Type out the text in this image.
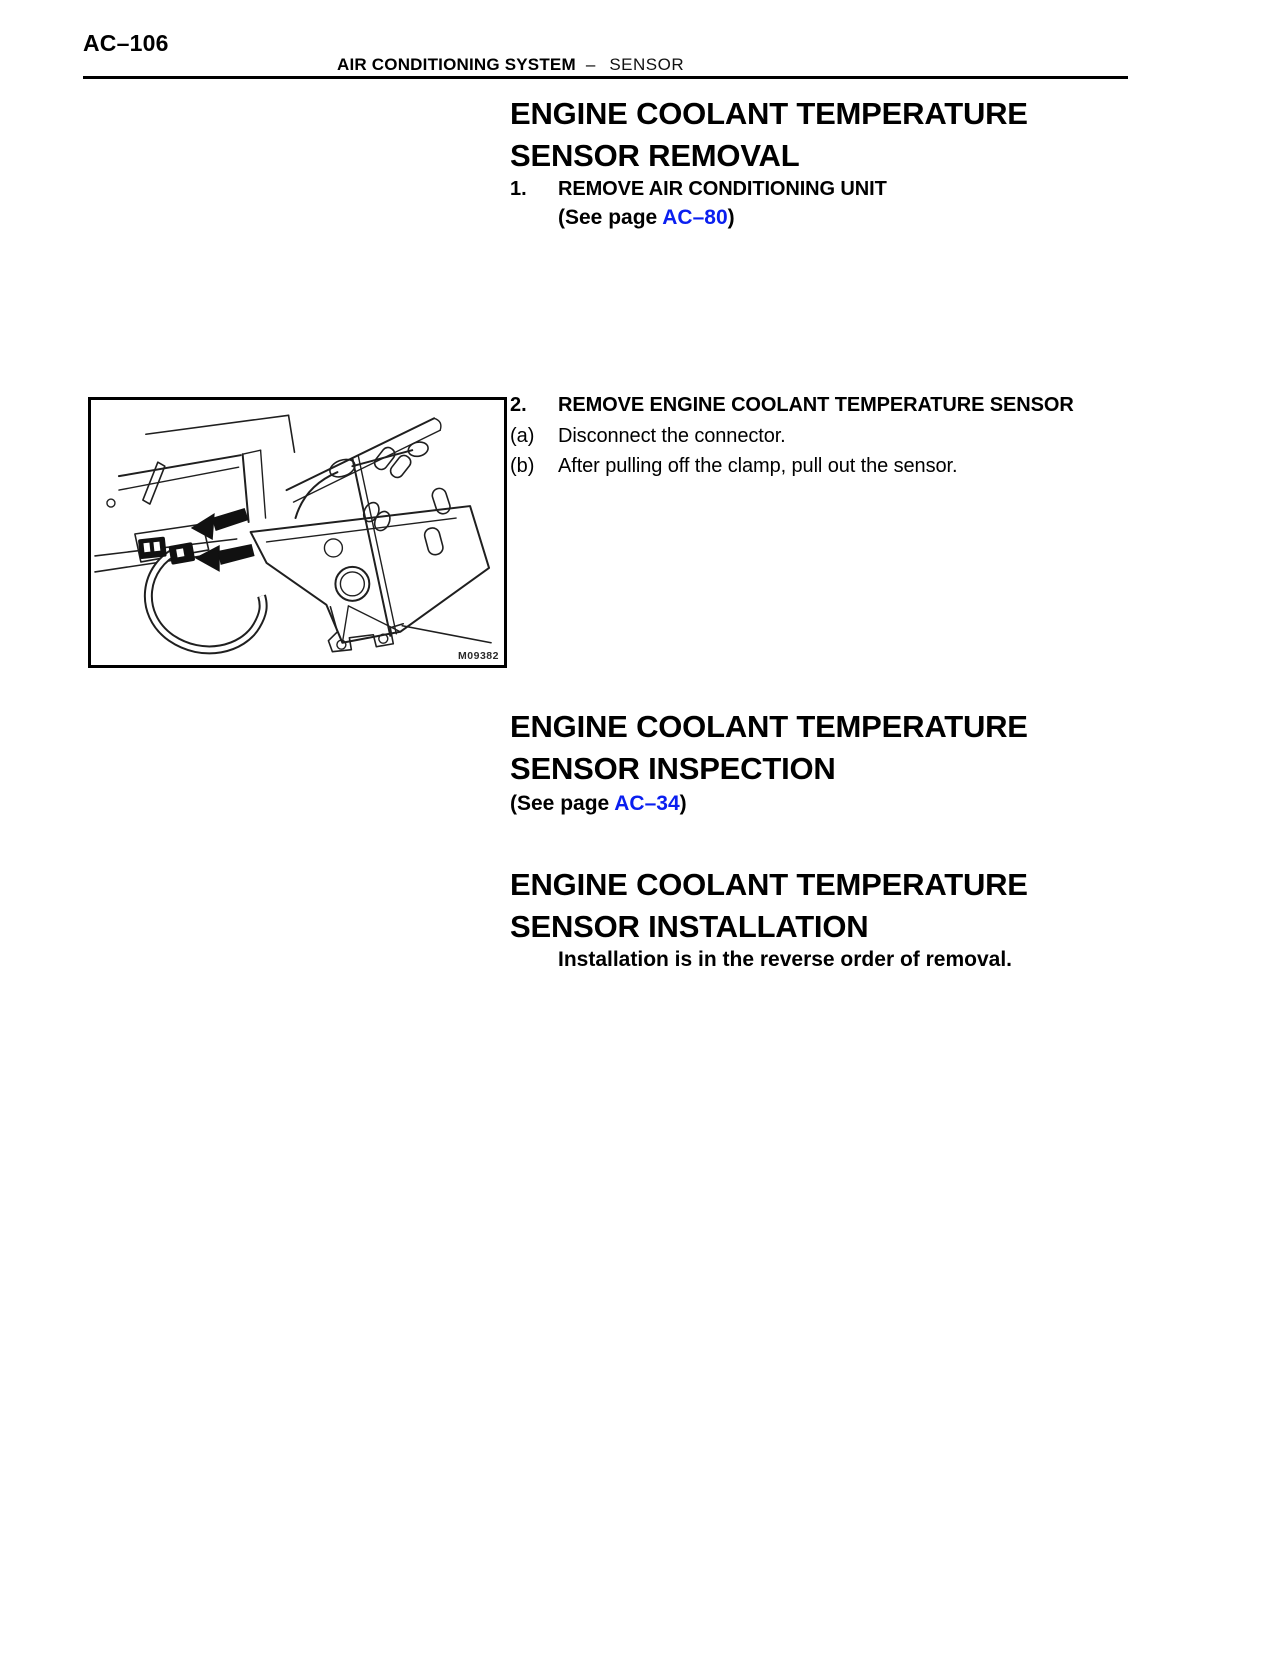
AC–106
AIR CONDITIONING SYSTEM – SENSOR
ENGINE COOLANT TEMPERATURE
SENSOR REMOVAL
1.	REMOVE AIR CONDITIONING UNIT
(See page AC–80)
M09382
2.	REMOVE ENGINE COOLANT TEMPERATURE SENSOR
(a)	Disconnect the connector.
(b)	After pulling off the clamp, pull out the sensor.
ENGINE COOLANT TEMPERATURE
SENSOR INSPECTION
(See page AC–34)
ENGINE COOLANT TEMPERATURE
SENSOR INSTALLATION
Installation is in the reverse order of removal.
